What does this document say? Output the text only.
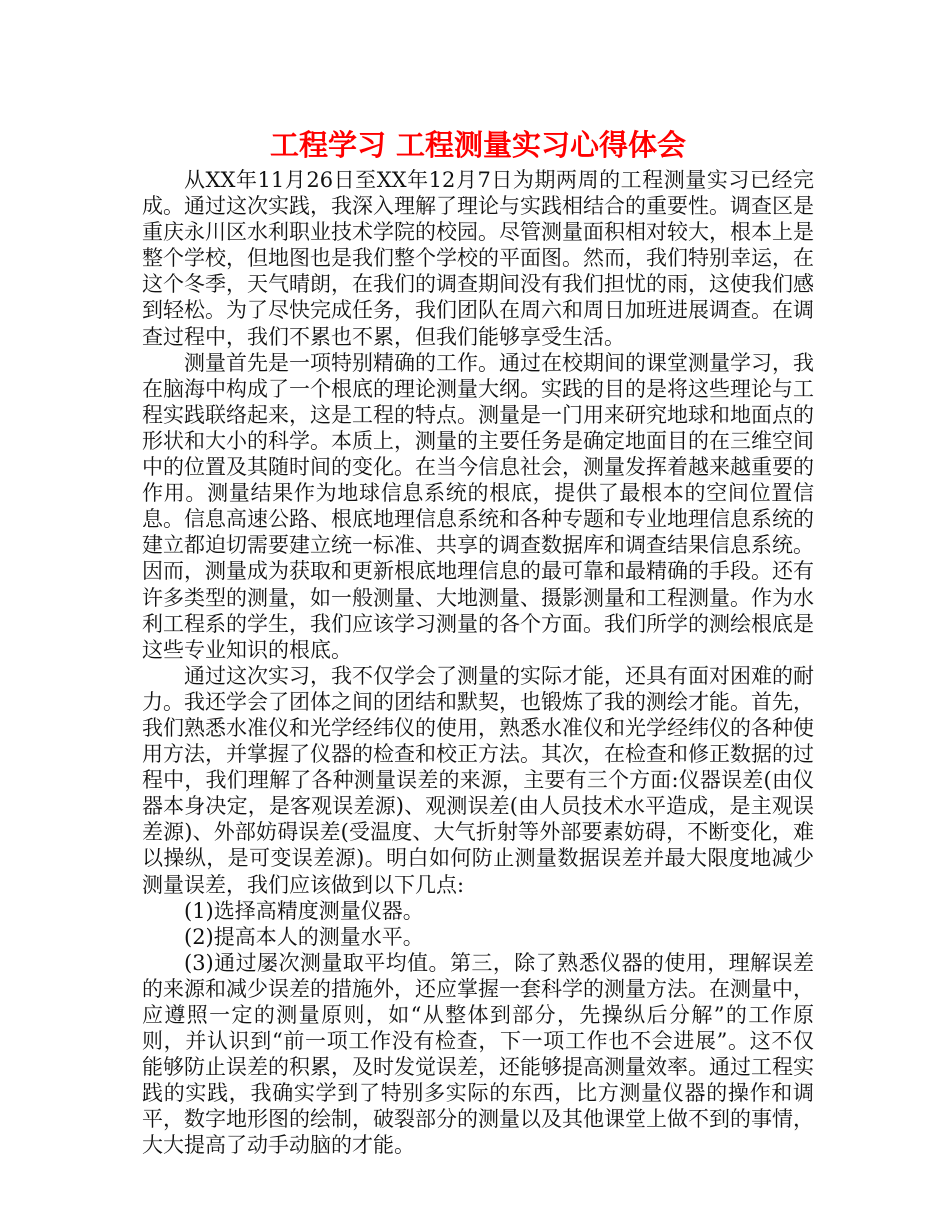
工程学习 工程测量实习心得体会

从XX年11月26日至XX年12月7日为期两周的工程测量实习已经完成。通过这次实践，我深入理解了理论与实践相结合的重要性。调查区是重庆永川区水利职业技术学院的校园。尽管测量面积相对较大，根本上是整个学校，但地图也是我们整个学校的平面图。然而，我们特别幸运，在这个冬季，天气晴朗，在我们的调查期间没有我们担忧的雨，这使我们感到轻松。为了尽快完成任务，我们团队在周六和周日加班进展调查。在调查过程中，我们不累也不累，但我们能够享受生活。

测量首先是一项特别精确的工作。通过在校期间的课堂测量学习，我在脑海中构成了一个根底的理论测量大纲。实践的目的是将这些理论与工程实践联络起来，这是工程的特点。测量是一门用来研究地球和地面点的形状和大小的科学。本质上，测量的主要任务是确定地面目的在三维空间中的位置及其随时间的变化。在当今信息社会，测量发挥着越来越重要的作用。测量结果作为地球信息系统的根底，提供了最根本的空间位置信息。信息高速公路、根底地理信息系统和各种专题和专业地理信息系统的建立都迫切需要建立统一标准、共享的调查数据库和调查结果信息系统。因而，测量成为获取和更新根底地理信息的最可靠和最精确的手段。还有许多类型的测量，如一般测量、大地测量、摄影测量和工程测量。作为水利工程系的学生，我们应该学习测量的各个方面。我们所学的测绘根底是这些专业知识的根底。

通过这次实习，我不仅学会了测量的实际才能，还具有面对困难的耐力。我还学会了团体之间的团结和默契，也锻炼了我的测绘才能。首先，我们熟悉水准仪和光学经纬仪的使用，熟悉水准仪和光学经纬仪的各种使用方法，并掌握了仪器的检查和校正方法。其次，在检查和修正数据的过程中，我们理解了各种测量误差的来源，主要有三个方面:仪器误差(由仪器本身决定，是客观误差源)、观测误差(由人员技术水平造成，是主观误差源)、外部妨碍误差(受温度、大气折射等外部要素妨碍，不断变化，难以操纵，是可变误差源)。明白如何防止测量数据误差并最大限度地减少测量误差，我们应该做到以下几点:

(1)选择高精度测量仪器。

(2)提高本人的测量水平。

(3)通过屡次测量取平均值。第三，除了熟悉仪器的使用，理解误差的来源和减少误差的措施外，还应掌握一套科学的测量方法。在测量中，应遵照一定的测量原则，如“从整体到部分，先操纵后分解”的工作原则，并认识到“前一项工作没有检查，下一项工作也不会进展”。这不仅能够防止误差的积累，及时发觉误差，还能够提高测量效率。通过工程实践的实践，我确实学到了特别多实际的东西，比方测量仪器的操作和调平，数字地形图的绘制，破裂部分的测量以及其他课堂上做不到的事情，大大提高了动手动脑的才能。
